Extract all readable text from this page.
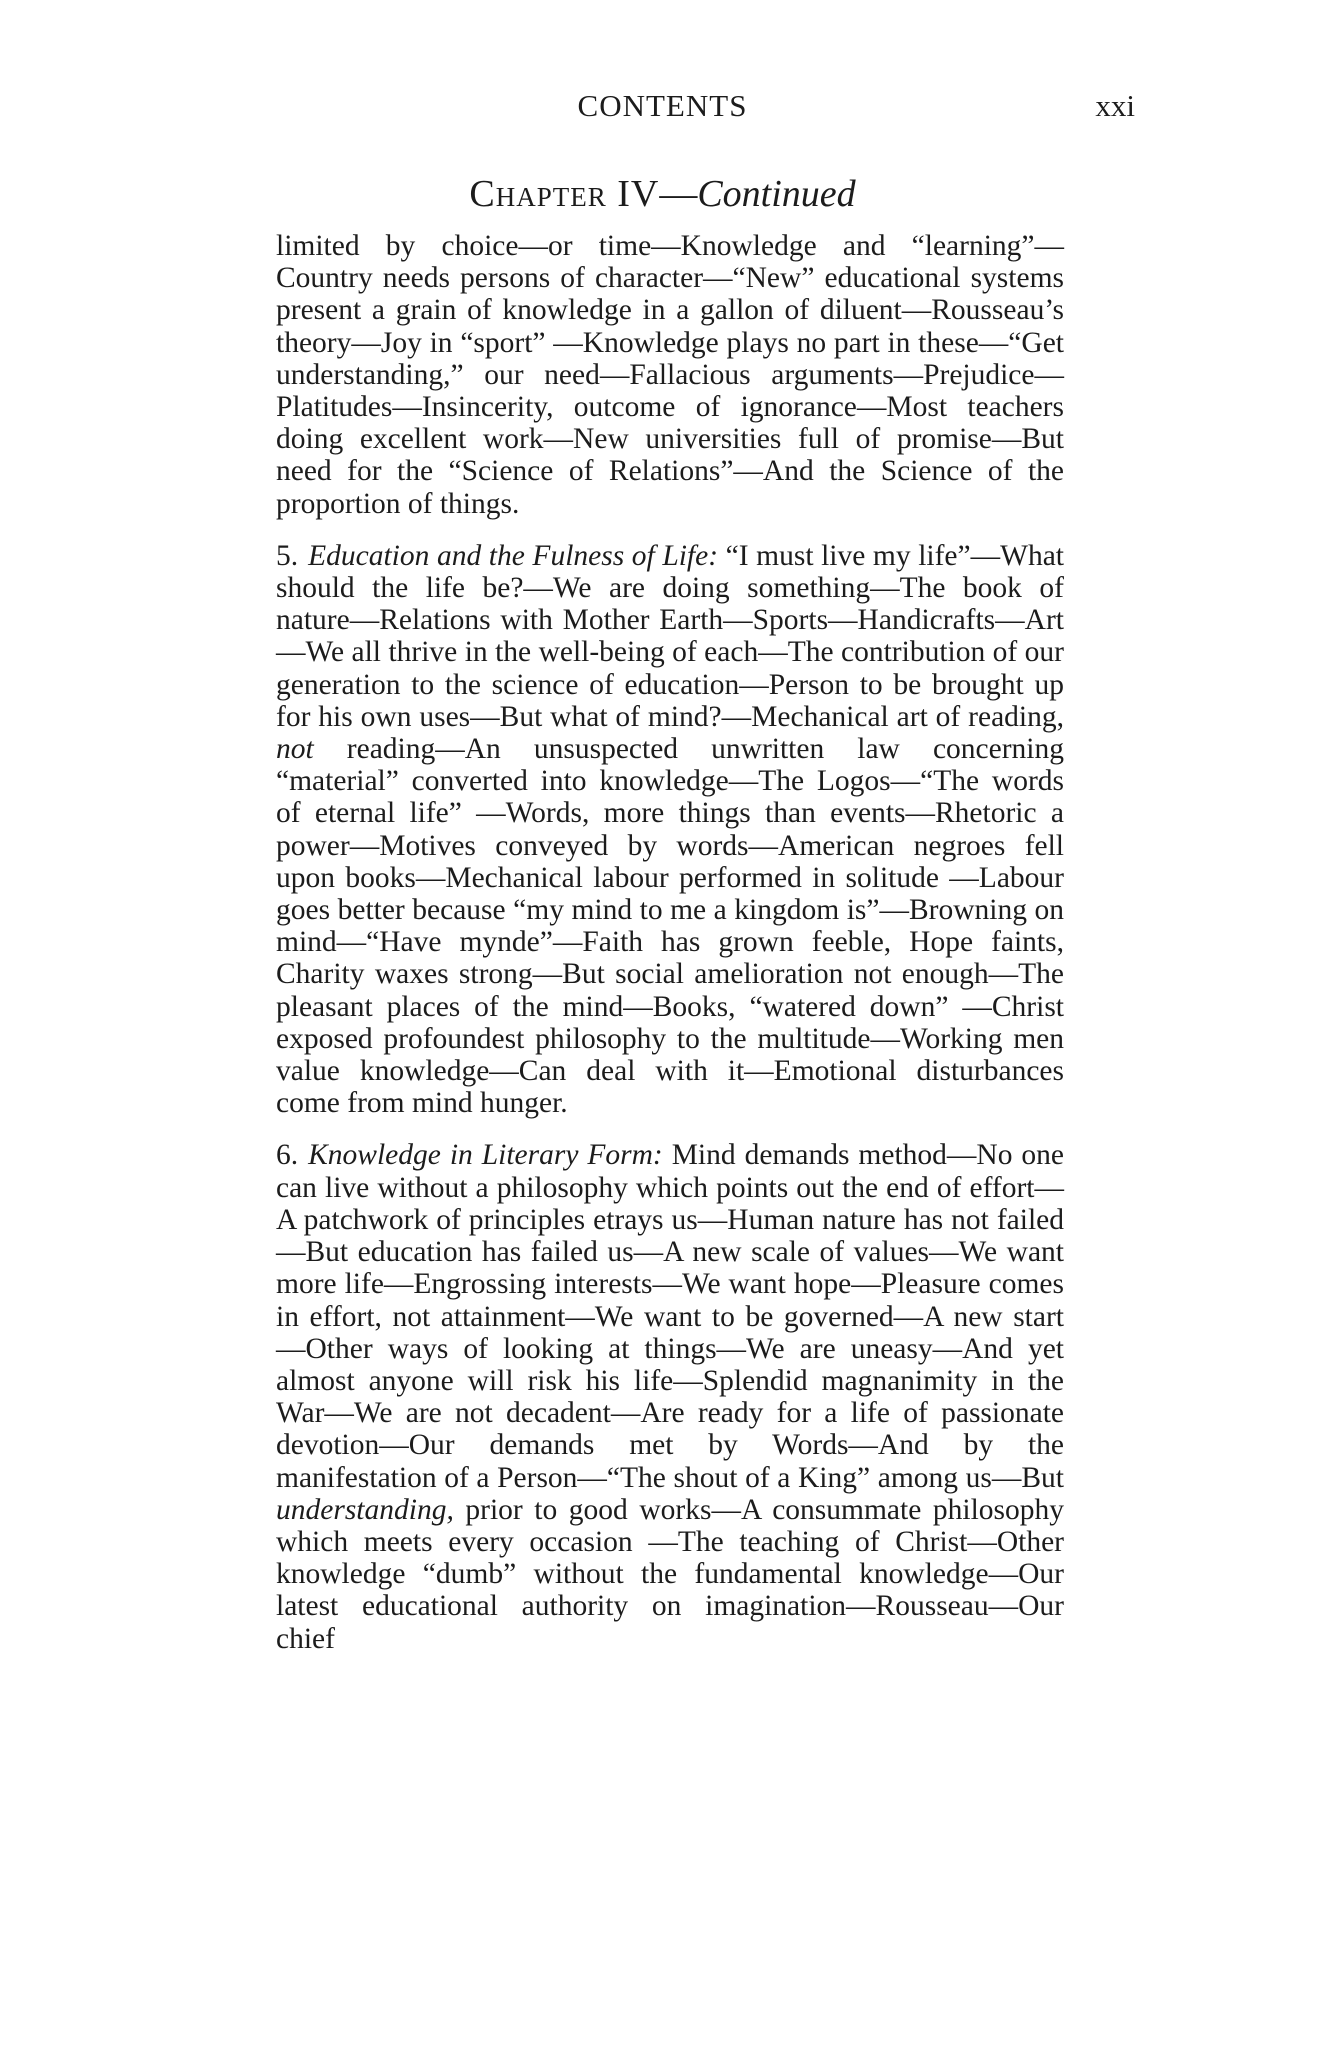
CONTENTS	xxi
Chapter IV—Continued

limited by choice—or time—Knowledge and “learning”—Country needs persons of character—“New” educational systems present a grain of knowledge in a gallon of diluent—Rousseau’s theory—Joy in “sport” —Knowledge plays no part in these—“Get understanding,” our need—Fallacious arguments—Prejudice—Platitudes—Insincerity, outcome of ignorance—Most teachers doing excellent work—New universities full of promise—But need for the “Science of Relations”—And the Science of the proportion of things.

5. Education and the Fulness of Life: “I must live my life”—What should the life be?—We are doing something—The book of nature—Relations with Mother Earth—Sports—Handicrafts—Art—We all thrive in the well-being of each—The contribution of our generation to the science of education—Person to be brought up for his own uses—But what of mind?—Mechanical art of reading, not reading—An unsuspected unwritten law concerning “material” converted into knowledge—The Logos—“The words of eternal life” —Words, more things than events—Rhetoric a power—Motives conveyed by words—American negroes fell upon books—Mechanical labour performed in solitude —Labour goes better because “my mind to me a kingdom is”—Browning on mind—“Have mynde”—Faith has grown feeble, Hope faints, Charity waxes strong—But social amelioration not enough—The pleasant places of the mind—Books, “watered down” —Christ exposed profoundest philosophy to the multitude—Working men value knowledge—Can deal with it—Emotional disturbances come from mind hunger.

6. Knowledge in Literary Form: Mind demands method—No one can live without a philosophy which points out the end of effort—A patchwork of principles etrays us—Human nature has not failed—But education has failed us—A new scale of values—We want more life—Engrossing interests—We want hope—Pleasure comes in effort, not attainment—We want to be governed—A new start—Other ways of looking at things—We are uneasy—And yet almost anyone will risk his life—Splendid magnanimity in the War—We are not decadent—Are ready for a life of passionate devotion—Our demands met by Words—And by the manifestation of a Person—“The shout of a King” among us—But understanding, prior to good works—A consummate philosophy which meets every occasion —The teaching of Christ—Other knowledge “dumb” without the fundamental knowledge—Our latest educational authority on imagination—Rousseau—Our chief
